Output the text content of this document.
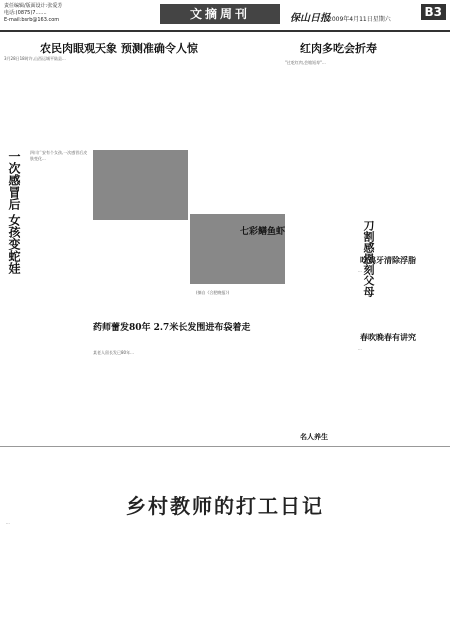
责任编辑/版面设计:张爱芳
电话:(0875)7.......
E-mail:bsrb@163.com	文摘周刊	保山日报
2009年4月11日星期六
B3
农民肉眼观天象 预测准确令人惊
3月28日18时许,山西运城平陆县...
一次感冒后 女孩变蛇娃	四川广安有个女孩,一次感冒后皮肤变化...
七彩鳝鱼虾
(摘自《合肥晚报》)
药师蕾发80年 2.7米长发围进布袋着走
某老人留长发已80年...
红肉多吃会折寿
"过吃红肉,会缩短寿"...
刀割感恩刻父母
吃鸡牙清除浮脂
...
春吹晚春有讲究
...
名人养生
乡村教师的打工日记
...
